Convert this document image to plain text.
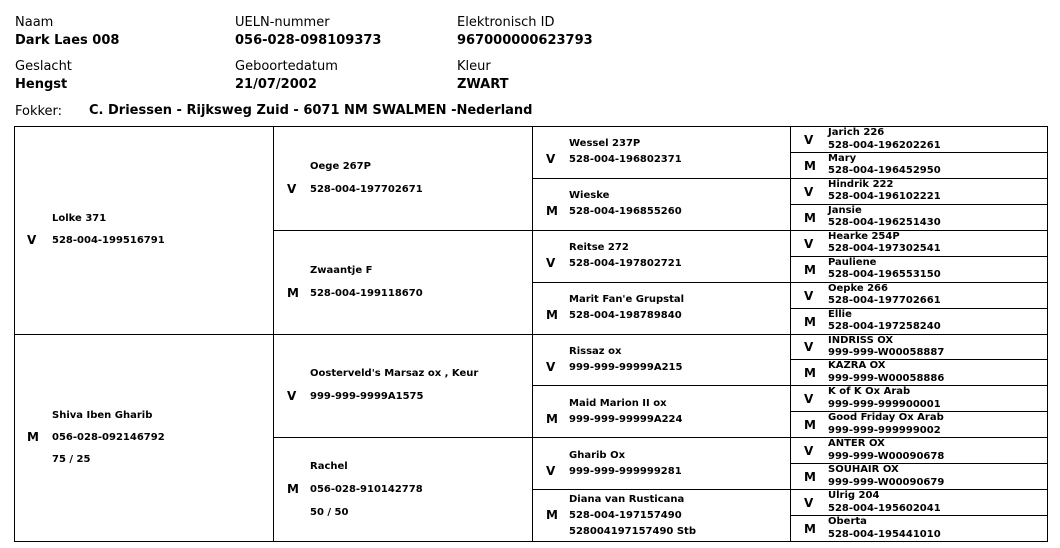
Naam
Dark Laes 008
UELN-nummer
056-028-098109373
Elektronisch ID
967000000623793
Geslacht
Hengst
Geboortedatum
21/07/2002
Kleur
ZWART
Fokker: C. Driessen - Rijksweg Zuid - 6071 NM SWALMEN -Nederland
V
Lolke 371
528-004-199516791
M
Shiva Iben Gharib
056-028-092146792
75 / 25
V
Oege 267P
528-004-197702671
M
Zwaantje F
528-004-199118670
V
Oosterveld's Marsaz ox , Keur
999-999-9999A1575
M
Rachel
056-028-910142778
50 / 50
V
Wessel 237P
528-004-196802371
M
Wieske
528-004-196855260
V
Reitse 272
528-004-197802721
M
Marit Fan'e Grupstal
528-004-198789840
V
Rissaz ox
999-999-99999A215
M
Maid Marion II ox
999-999-99999A224
V
Gharib Ox
999-999-999999281
M
Diana van Rusticana
528-004-197157490
528004197157490 Stb
V
Jarich 226
528-004-196202261
M
Mary
528-004-196452950
V
Hindrik 222
528-004-196102221
M
Jansie
528-004-196251430
V
Hearke 254P
528-004-197302541
M
Pauliene
528-004-196553150
V
Oepke 266
528-004-197702661
M
Ellie
528-004-197258240
V
INDRISS OX
999-999-W00058887
M
KAZRA OX
999-999-W00058886
V
K of K Ox Arab
999-999-999900001
M
Good Friday Ox Arab
999-999-999999002
V
ANTER OX
999-999-W00090678
M
SOUHAIR OX
999-999-W00090679
V
Ulrig 204
528-004-195602041
M
Oberta
528-004-195441010
